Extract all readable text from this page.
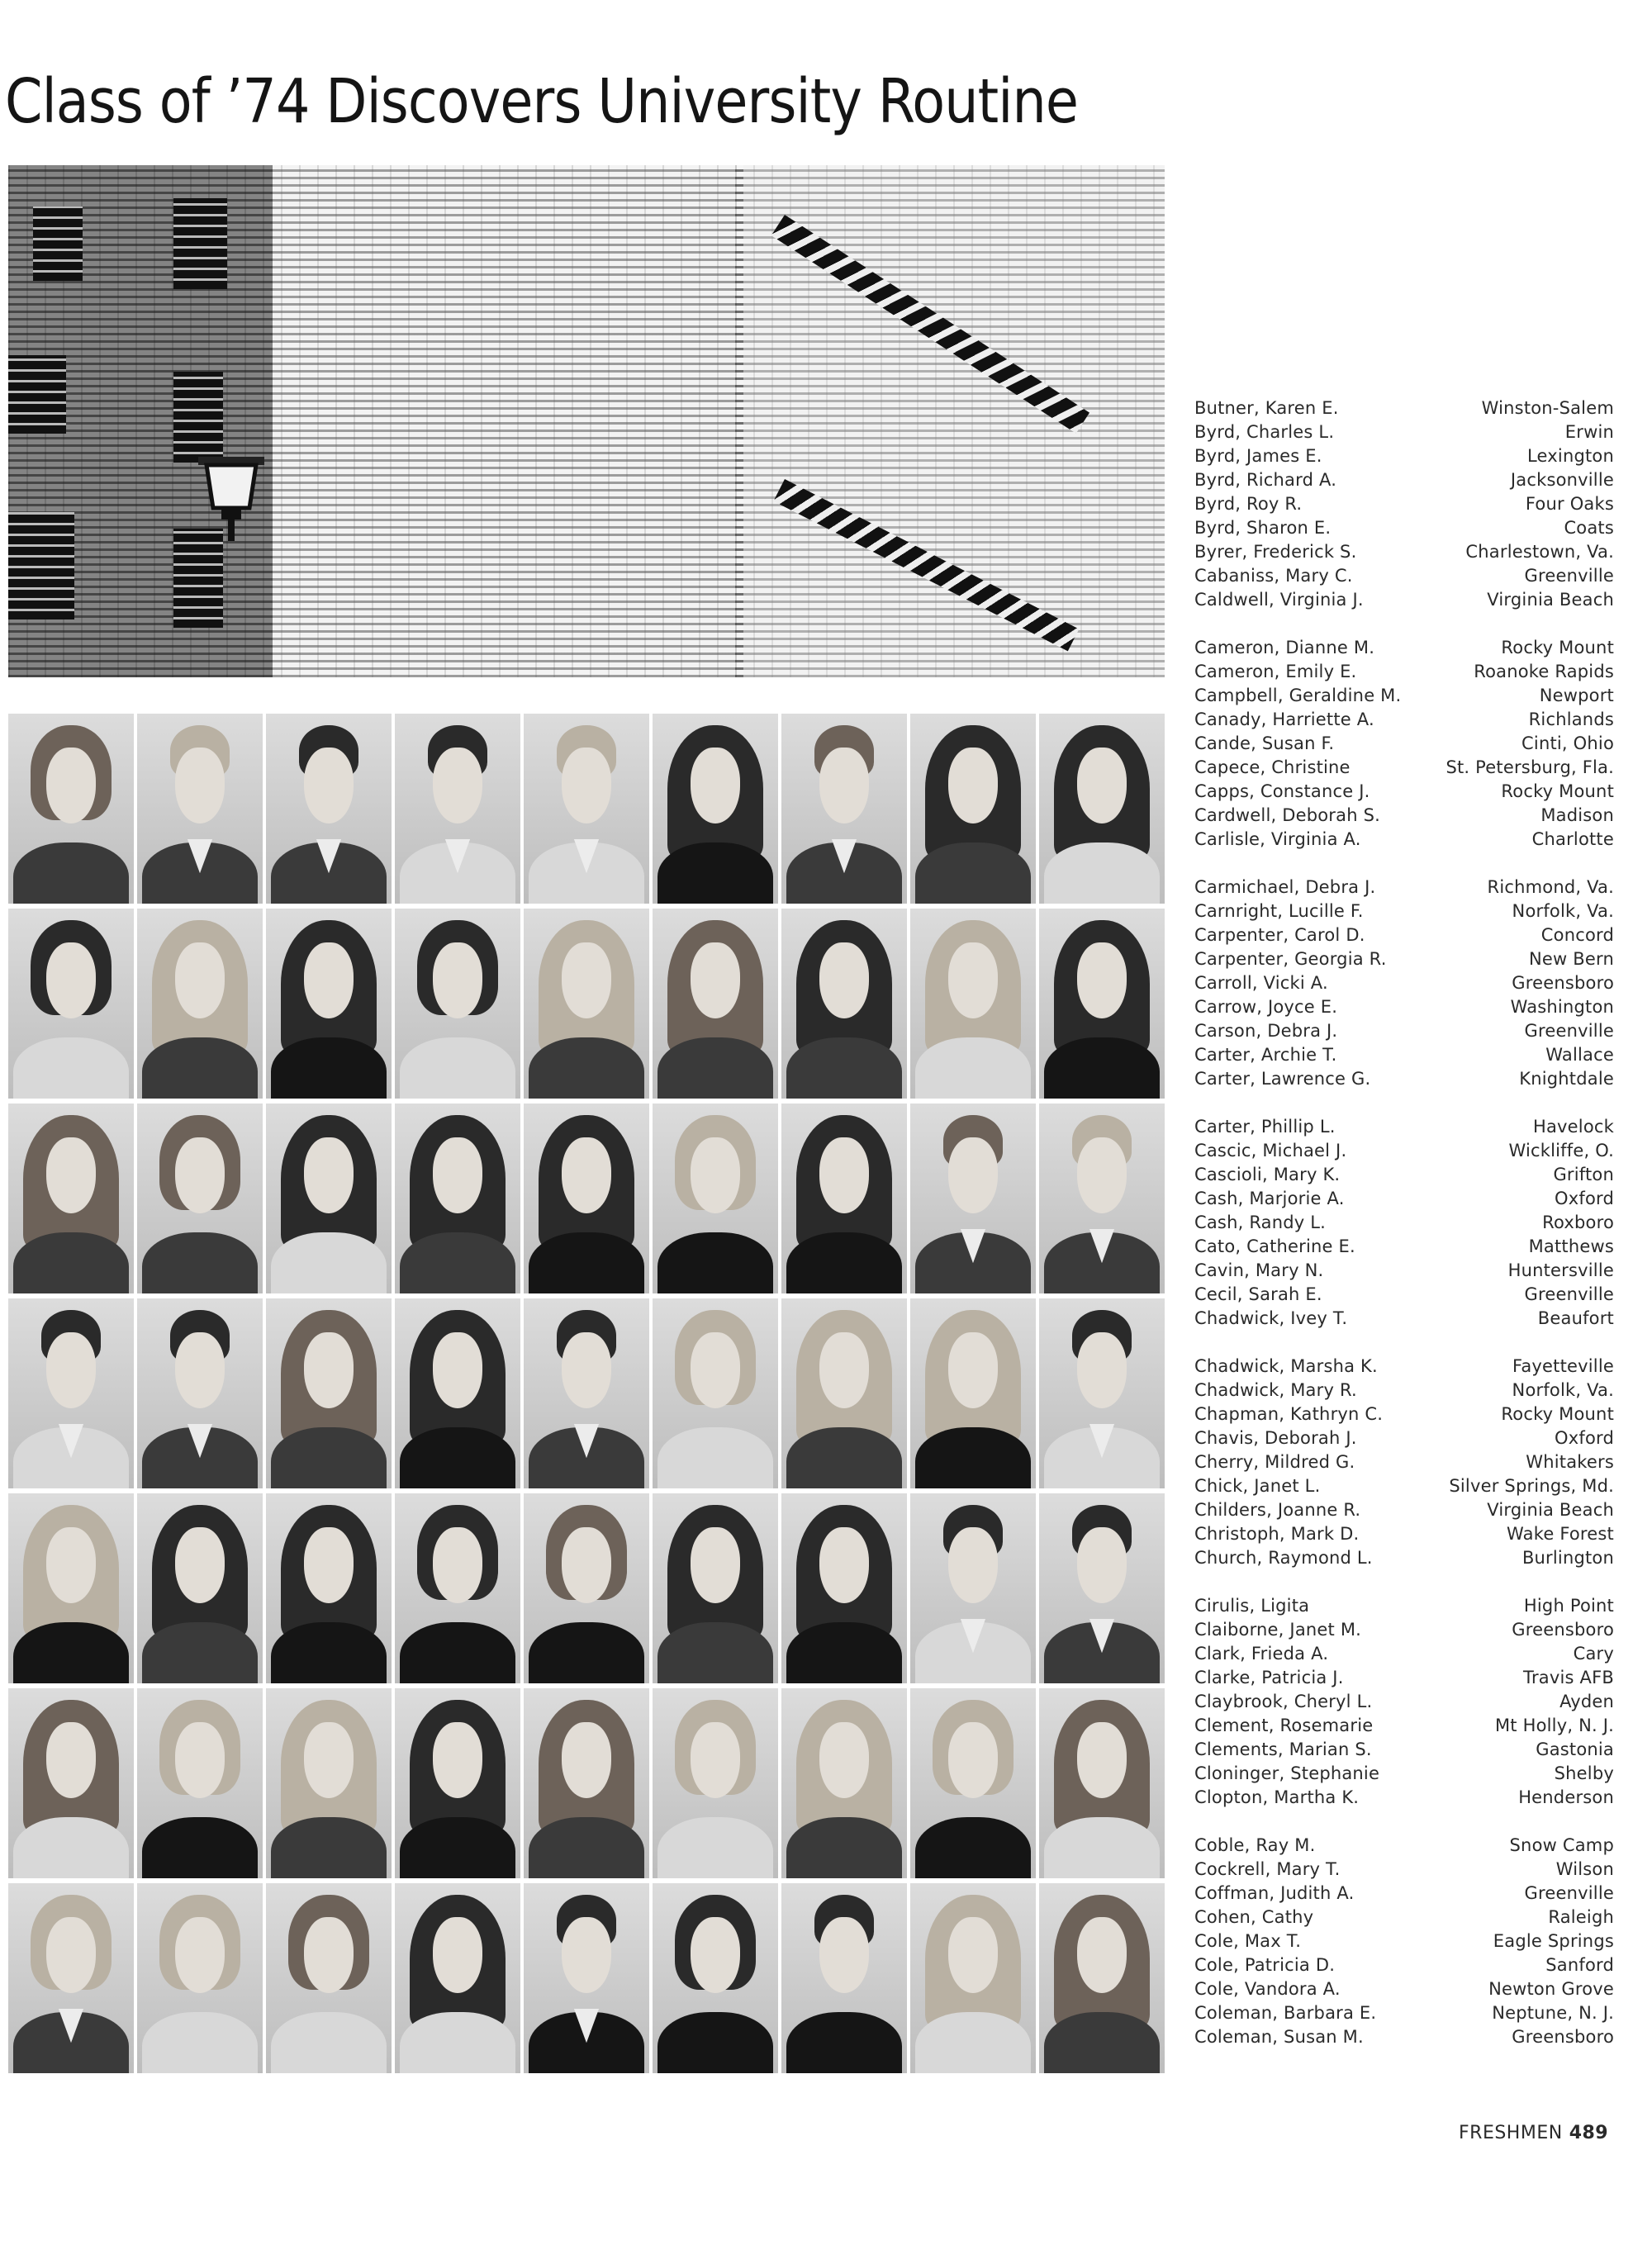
Class of ’74 Discovers University Routine
Butner, Karen E.	Winston-Salem
Byrd, Charles L.	Erwin
Byrd, James E.	Lexington
Byrd, Richard A.	Jacksonville
Byrd, Roy R.	Four Oaks
Byrd, Sharon E.	Coats
Byrer, Frederick S.	Charlestown, Va.
Cabaniss, Mary C.	Greenville
Caldwell, Virginia J.	Virginia Beach
Cameron, Dianne M.	Rocky Mount
Cameron, Emily E.	Roanoke Rapids
Campbell, Geraldine M.	Newport
Canady, Harriette A.	Richlands
Cande, Susan F.	Cinti, Ohio
Capece, Christine	St. Petersburg, Fla.
Capps, Constance J.	Rocky Mount
Cardwell, Deborah S.	Madison
Carlisle, Virginia A.	Charlotte
Carmichael, Debra J.	Richmond, Va.
Carnright, Lucille F.	Norfolk, Va.
Carpenter, Carol D.	Concord
Carpenter, Georgia R.	New Bern
Carroll, Vicki A.	Greensboro
Carrow, Joyce E.	Washington
Carson, Debra J.	Greenville
Carter, Archie T.	Wallace
Carter, Lawrence G.	Knightdale
Carter, Phillip L.	Havelock
Cascic, Michael J.	Wickliffe, O.
Cascioli, Mary K.	Grifton
Cash, Marjorie A.	Oxford
Cash, Randy L.	Roxboro
Cato, Catherine E.	Matthews
Cavin, Mary N.	Huntersville
Cecil, Sarah E.	Greenville
Chadwick, Ivey T.	Beaufort
Chadwick, Marsha K.	Fayetteville
Chadwick, Mary R.	Norfolk, Va.
Chapman, Kathryn C.	Rocky Mount
Chavis, Deborah J.	Oxford
Cherry, Mildred G.	Whitakers
Chick, Janet L.	Silver Springs, Md.
Childers, Joanne R.	Virginia Beach
Christoph, Mark D.	Wake Forest
Church, Raymond L.	Burlington
Cirulis, Ligita	High Point
Claiborne, Janet M.	Greensboro
Clark, Frieda A.	Cary
Clarke, Patricia J.	Travis AFB
Claybrook, Cheryl L.	Ayden
Clement, Rosemarie	Mt Holly, N. J.
Clements, Marian S.	Gastonia
Cloninger, Stephanie	Shelby
Clopton, Martha K.	Henderson
Coble, Ray M.	Snow Camp
Cockrell, Mary T.	Wilson
Coffman, Judith A.	Greenville
Cohen, Cathy	Raleigh
Cole, Max T.	Eagle Springs
Cole, Patricia D.	Sanford
Cole, Vandora A.	Newton Grove
Coleman, Barbara E.	Neptune, N. J.
Coleman, Susan M.	Greensboro
FRESHMEN 489
